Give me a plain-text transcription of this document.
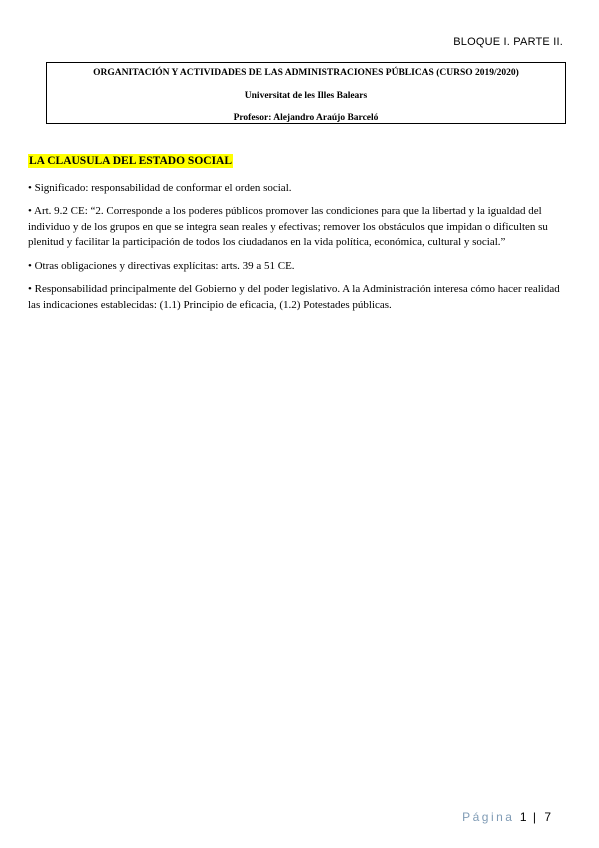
BLOQUE I. PARTE II.
ORGANITACIÓN Y ACTIVIDADES DE LAS ADMINISTRACIONES PÚBLICAS (CURSO 2019/2020)
Universitat de les Illes Balears
Profesor: Alejandro Araújo Barceló
LA CLAUSULA DEL ESTADO SOCIAL

• Significado: responsabilidad de conformar el orden social.

• Art. 9.2 CE: “2. Corresponde a los poderes públicos promover las condiciones para que la libertad y la igualdad del individuo y de los grupos en que se integra sean reales y efectivas; remover los obstáculos que impidan o dificulten su plenitud y facilitar la participación de todos los ciudadanos en la vida política, económica, cultural y social.”

• Otras obligaciones y directivas explícitas: arts. 39 a 51 CE.

• Responsabilidad principalmente del Gobierno y del poder legislativo. A la Administración interesa cómo hacer realidad las indicaciones establecidas: (1.1) Principio de eficacia, (1.2) Potestades públicas.

Página 1 | 7
